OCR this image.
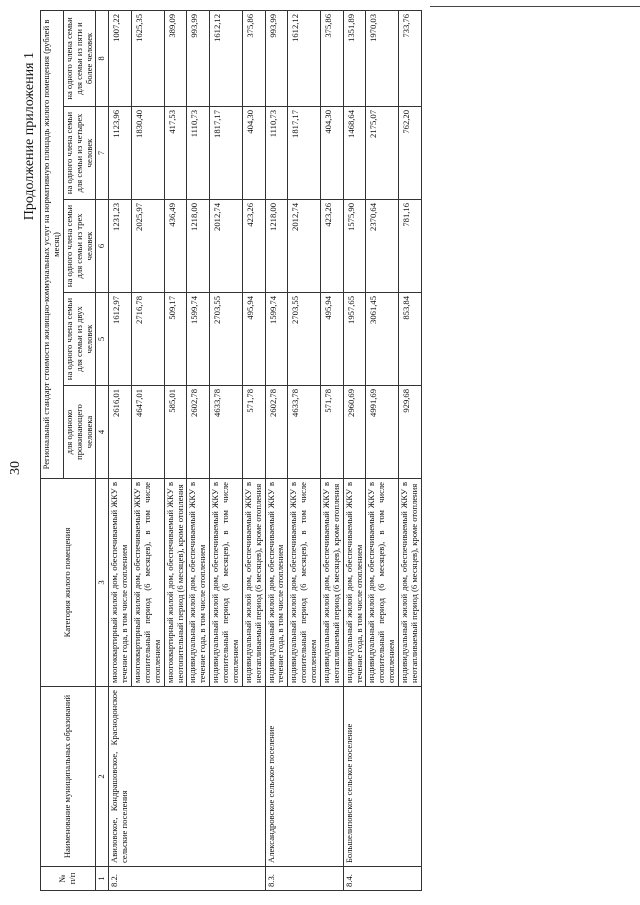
30
Продолжение приложения 1
№ п/п	Наименование муниципальных образований	Категория жилого помещения	Региональный стандарт стоимости жилищно-коммунальных услуг на нормативную площадь жилого помещения (рублей в месяц)				
			для одиноко проживающего человека	на одного члена семьи для семьи из двух человек	на одного члена семьи для семьи из трех человек	на одного члена семьи для семьи из четырех человек	на одного члена семьи для семьи из пяти и более человек
1	2	3	4	5	6	7	8
8.2.	Авиловское, Кондрашовское, Краснодонское сельские поселения	многоквартирный жилой дом, обеспечиваемый ЖКУ в течение года, в том числе отоплением	2616,01	1612,97	1231,23	1123,96	1007,22
		многоквартирный жилой дом, обеспечиваемый ЖКУ в отопительный период (6 месяцев), в том числе отоплением	4647,01	2716,78	2025,97	1830,40	1625,35
		многоквартирный жилой дом, обеспечиваемый ЖКУ в неотопительный период (6 месяцев), кроме отопления	585,01	509,17	436,49	417,53	389,09
		индивидуальный жилой дом, обеспечиваемый ЖКУ в течение года, в том числе отоплением	2602,78	1599,74	1218,00	1110,73	993,99
		индивидуальный жилой дом, обеспечиваемый ЖКУ в отопительный период (6 месяцев), в том числе отоплением	4633,78	2703,55	2012,74	1817,17	1612,12
		индивидуальный жилой дом, обеспечиваемый ЖКУ в неотапливаемый период (6 месяцев), кроме отопления	571,78	495,94	423,26	404,30	375,86
8.3.	Александровское сельское поселение	индивидуальный жилой дом, обеспечиваемый ЖКУ в течение года, в том числе отоплением	2602,78	1599,74	1218,00	1110,73	993,99
		индивидуальный жилой дом, обеспечиваемый ЖКУ в отопительный период (6 месяцев), в том числе отоплением	4633,78	2703,55	2012,74	1817,17	1612,12
		индивидуальный жилой дом, обеспечиваемый ЖКУ в неотапливаемый период (6 месяцев), кроме отопления	571,78	495,94	423,26	404,30	375,86
8.4.	Большелиповское сельское поселение	индивидуальный жилой дом, обеспечиваемый ЖКУ в течение года, в том числе отоплением	2960,69	1957,65	1575,90	1468,64	1351,89
		индивидуальный жилой дом, обеспечиваемый ЖКУ в отопительный период (6 месяцев), в том числе отоплением	4991,69	3061,45	2370,64	2175,07	1970,03
		индивидуальный жилой дом, обеспечиваемый ЖКУ в неотапливаемый период (6 месяцев), кроме отопления	929,68	853,84	781,16	762,20	733,76
